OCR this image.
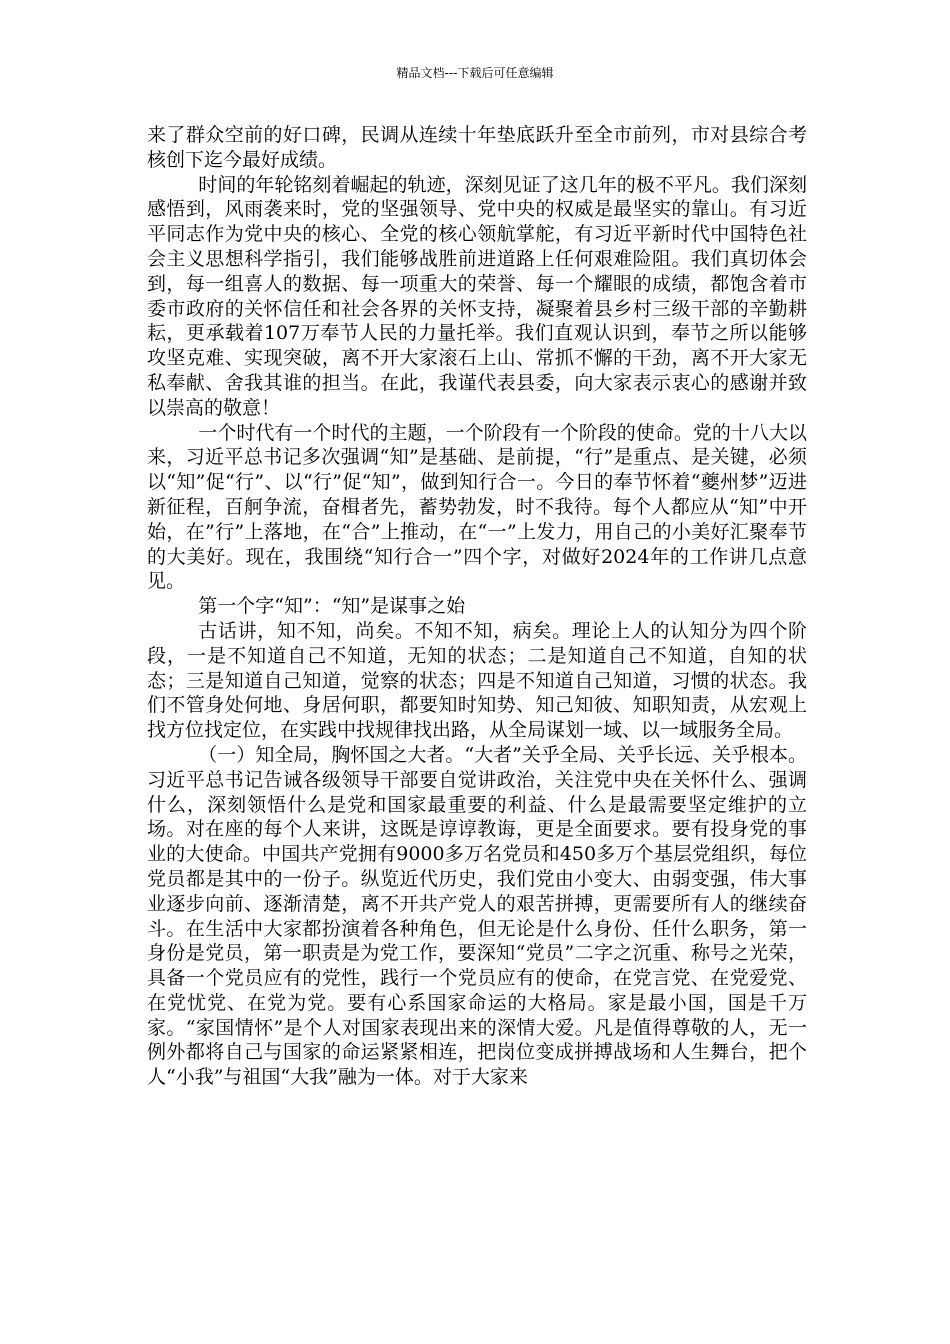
精品文档---下载后可任意编辑

来了群众空前的好口碑，民调从连续十年垫底跃升至全市前列，市对县综合考核创下迄今最好成绩。

时间的年轮铭刻着崛起的轨迹，深刻见证了这几年的极不平凡。我们深刻感悟到，风雨袭来时，党的坚强领导、党中央的权威是最坚实的靠山。有习近平同志作为党中央的核心、全党的核心领航掌舵，有习近平新时代中国特色社会主义思想科学指引，我们能够战胜前进道路上任何艰难险阻。我们真切体会到，每一组喜人的数据、每一项重大的荣誉、每一个耀眼的成绩，都饱含着市委市政府的关怀信任和社会各界的关怀支持，凝聚着县乡村三级干部的辛勤耕耘，更承载着107万奉节人民的力量托举。我们直观认识到，奉节之所以能够攻坚克难、实现突破，离不开大家滚石上山、常抓不懈的干劲，离不开大家无私奉献、舍我其谁的担当。在此，我谨代表县委，向大家表示衷心的感谢并致以崇高的敬意！

一个时代有一个时代的主题，一个阶段有一个阶段的使命。党的十八大以来，习近平总书记多次强调“知”是基础、是前提，“行”是重点、是关键，必须以“知”促“行”、以“行”促“知”，做到知行合一。今日的奉节怀着“夔州梦”迈进新征程，百舸争流，奋楫者先，蓄势勃发，时不我待。每个人都应从“知”中开始，在”行”上落地，在“合”上推动，在“一”上发力，用自己的小美好汇聚奉节的大美好。现在，我围绕“知行合一”四个字，对做好2024年的工作讲几点意见。

第一个字“知”：“知”是谋事之始

古话讲，知不知，尚矣。不知不知，病矣。理论上人的认知分为四个阶段，一是不知道自己不知道，无知的状态；二是知道自己不知道，自知的状态；三是知道自己知道，觉察的状态；四是不知道自己知道，习惯的状态。我们不管身处何地、身居何职，都要知时知势、知己知彼、知职知责，从宏观上找方位找定位，在实践中找规律找出路，从全局谋划一域、以一域服务全局。

（一）知全局，胸怀国之大者。“大者”关乎全局、关乎长远、关乎根本。习近平总书记告诫各级领导干部要自觉讲政治，关注党中央在关怀什么、强调什么，深刻领悟什么是党和国家最重要的利益、什么是最需要坚定维护的立场。对在座的每个人来讲，这既是谆谆教诲，更是全面要求。要有投身党的事业的大使命。中国共产党拥有9000多万名党员和450多万个基层党组织，每位党员都是其中的一份子。纵览近代历史，我们党由小变大、由弱变强，伟大事业逐步向前、逐渐清楚，离不开共产党人的艰苦拼搏，更需要所有人的继续奋斗。在生活中大家都扮演着各种角色，但无论是什么身份、任什么职务，第一身份是党员，第一职责是为党工作，要深知“党员”二字之沉重、称号之光荣，具备一个党员应有的党性，践行一个党员应有的使命，在党言党、在党爱党、在党忧党、在党为党。要有心系国家命运的大格局。家是最小国，国是千万家。“家国情怀”是个人对国家表现出来的深情大爱。凡是值得尊敬的人，无一例外都将自己与国家的命运紧紧相连，把岗位变成拼搏战场和人生舞台，把个人“小我”与祖国“大我”融为一体。对于大家来
